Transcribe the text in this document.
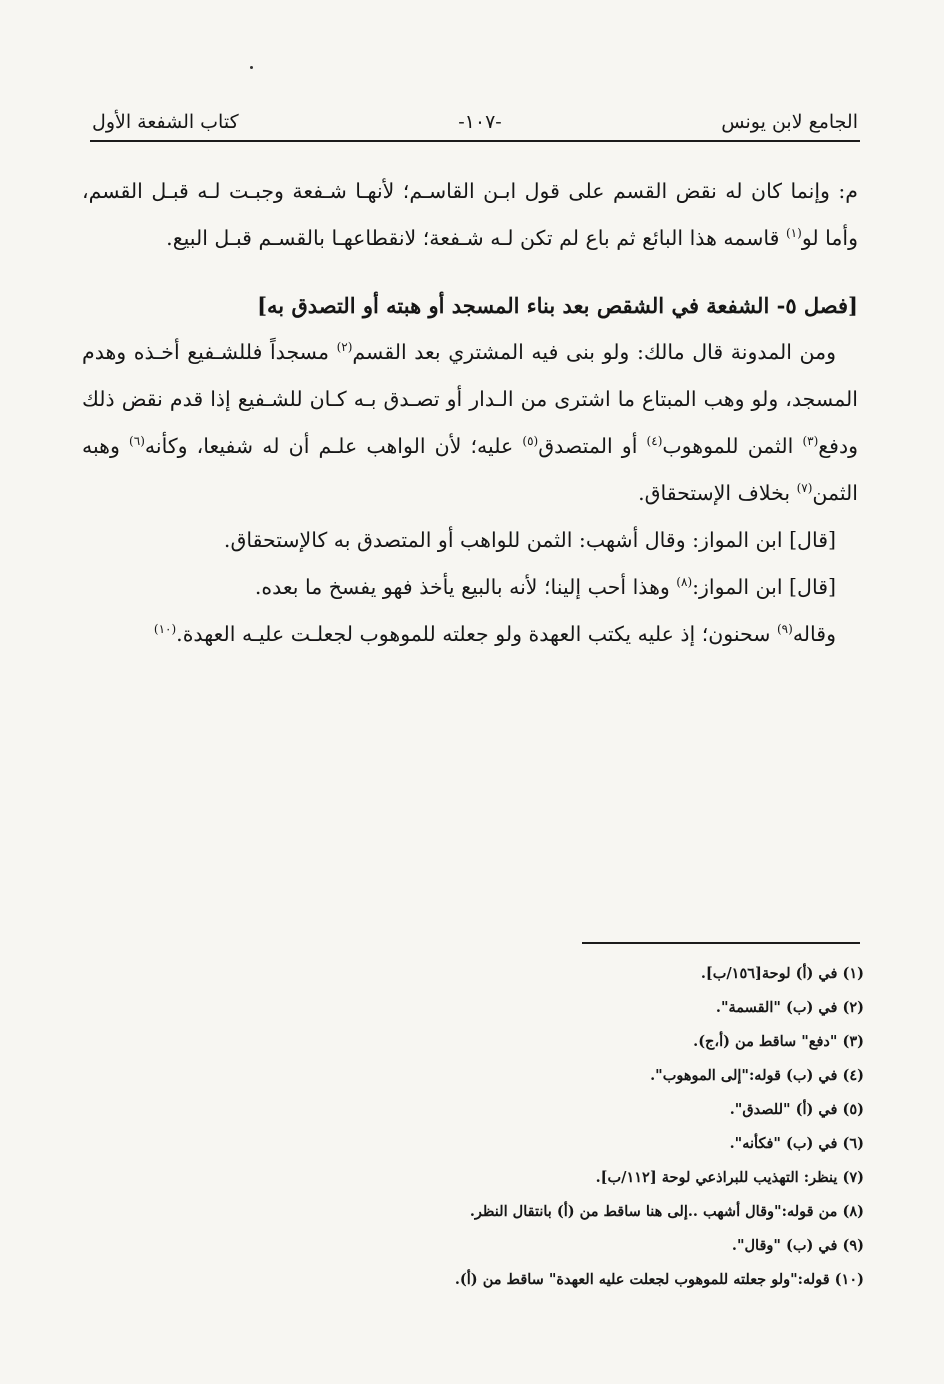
الجامع لابن يونس
-١٠٧-
كتاب الشفعة الأول

م: وإنما كان له نقض القسم على قول ابـن القاسـم؛ لأنهـا شـفعة وجبـت لـه قبـل القسم، وأما لو$^{(١)}$ قاسمه هذا البائع ثم باع لم تكن لـه شـفعة؛ لانقطاعهـا بالقسـم قبـل البيع.

[فصل ٥- الشفعة في الشقص بعد بناء المسجد أو هبته أو التصدق به]

ومن المدونة قال مالك: ولو بنى فيه المشتري بعد القسم$^{(٢)}$ مسجداً فللشـفيع أخـذه وهدم المسجد، ولو وهب المبتاع ما اشترى من الـدار أو تصـدق بـه كـان للشـفيع إذا قدم نقض ذلك ودفع$^{(٣)}$ الثمن للموهوب$^{(٤)}$ أو المتصدق$^{(٥)}$ عليه؛ لأن الواهب علـم أن له شفيعا، وكأنه$^{(٦)}$ وهبه الثمن$^{(٧)}$ بخلاف الإستحقاق.

[قال] ابن المواز: وقال أشهب: الثمن للواهب أو المتصدق به كالإستحقاق.

[قال] ابن المواز:$^{(٨)}$ وهذا أحب إلينا؛ لأنه بالبيع يأخذ فهو يفسخ ما بعده.

وقاله$^{(٩)}$ سحنون؛ إذ عليه يكتب العهدة ولو جعلته للموهوب لجعلـت عليـه العهدة.$^{(١٠)}$

(١) في (أ) لوحة[١٥٦/ب].
(٢) في (ب) "القسمة".
(٣) "دفع" ساقط من (أ،ج).
(٤) في (ب) قوله:"إلى الموهوب".
(٥) في (أ) "للصدق".
(٦) في (ب) "فكأنه".
(٧) ينظر: التهذيب للبراذعي لوحة [١١٢/ب].
(٨) من قوله:"وقال أشهب ..إلى هنا ساقط من (أ) بانتقال النظر.
(٩) في (ب) "وقال".
(١٠) قوله:"ولو جعلته للموهوب لجعلت عليه العهدة" ساقط من (أ).
